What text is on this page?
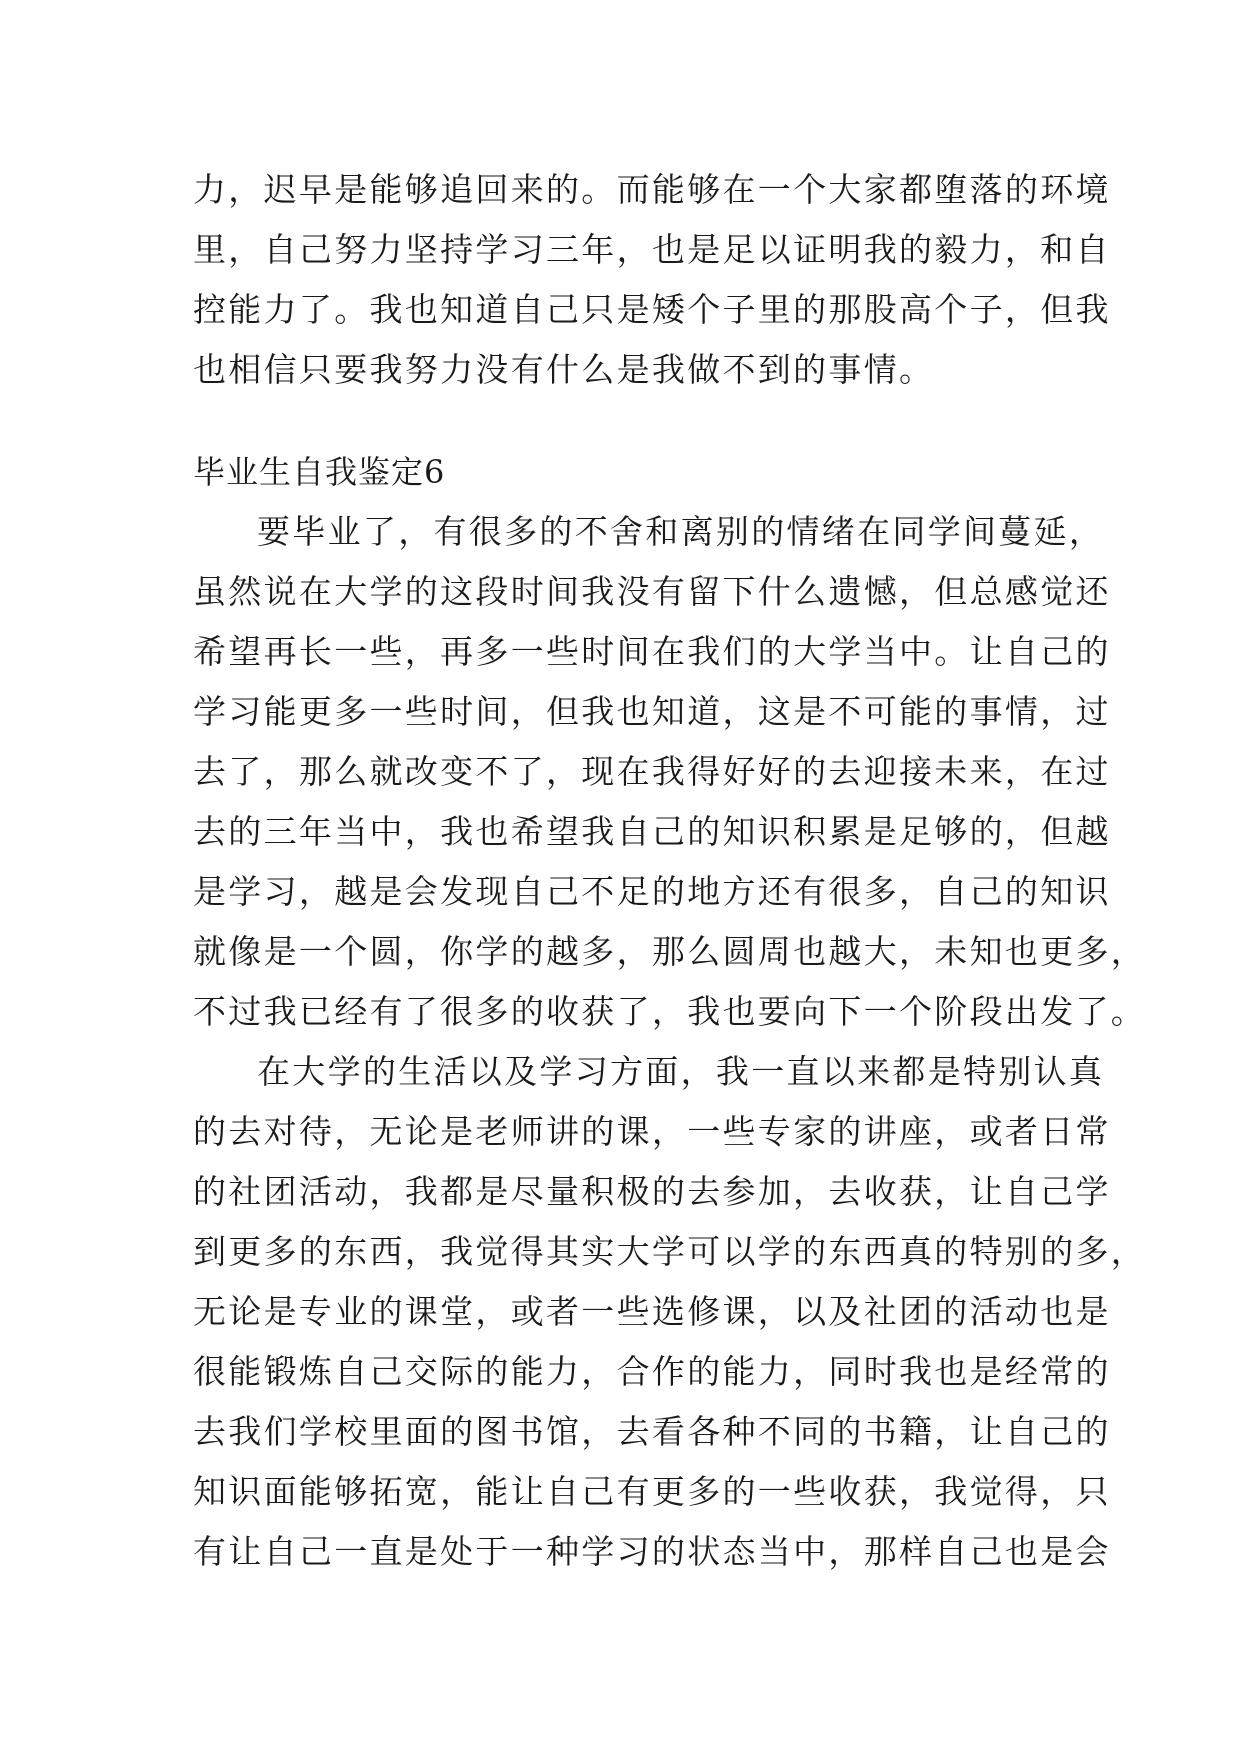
力，迟早是能够追回来的。而能够在一个大家都堕落的环境
里，自己努力坚持学习三年，也是足以证明我的毅力，和自
控能力了。我也知道自己只是矮个子里的那股高个子，但我
也相信只要我努力没有什么是我做不到的事情。
毕业生自我鉴定6
要毕业了，有很多的不舍和离别的情绪在同学间蔓延，
虽然说在大学的这段时间我没有留下什么遗憾，但总感觉还
希望再长一些，再多一些时间在我们的大学当中。让自己的
学习能更多一些时间，但我也知道，这是不可能的事情，过
去了，那么就改变不了，现在我得好好的去迎接未来，在过
去的三年当中，我也希望我自己的知识积累是足够的，但越
是学习，越是会发现自己不足的地方还有很多，自己的知识
就像是一个圆，你学的越多，那么圆周也越大，未知也更多，
不过我已经有了很多的收获了，我也要向下一个阶段出发了。
在大学的生活以及学习方面，我一直以来都是特别认真
的去对待，无论是老师讲的课，一些专家的讲座，或者日常
的社团活动，我都是尽量积极的去参加，去收获，让自己学
到更多的东西，我觉得其实大学可以学的东西真的特别的多，
无论是专业的课堂，或者一些选修课，以及社团的活动也是
很能锻炼自己交际的能力，合作的能力，同时我也是经常的
去我们学校里面的图书馆，去看各种不同的书籍，让自己的
知识面能够拓宽，能让自己有更多的一些收获，我觉得，只
有让自己一直是处于一种学习的状态当中，那样自己也是会
